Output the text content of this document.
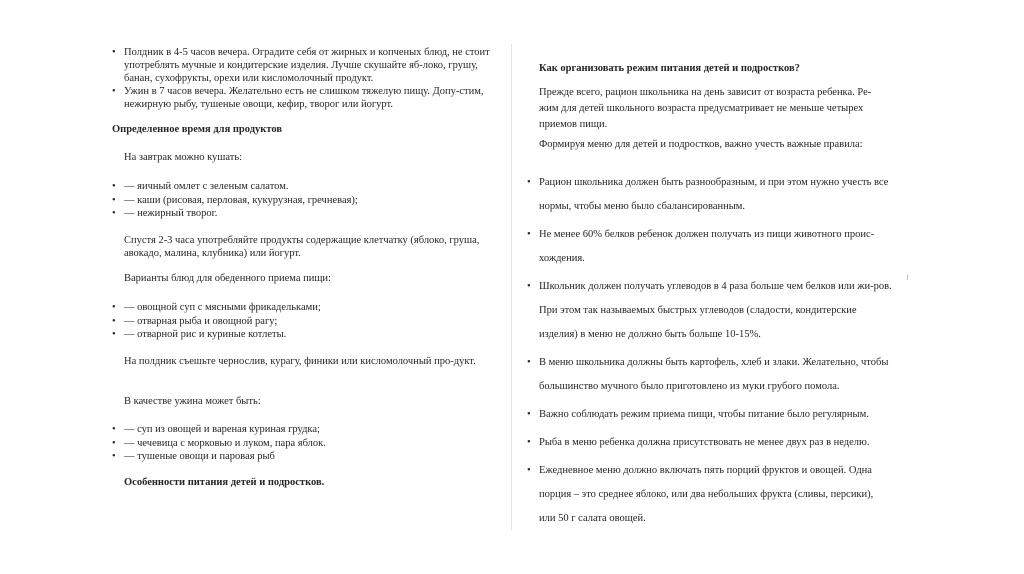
• Полдник в 4-5 часов вечера. Оградите себя от жирных и копченых блюд, не стоит употреблять мучные и кондитерские изделия. Лучше скушайте яб-локо, грушу, банан, сухофрукты, орехи или кисломолочный продукт.
• Ужин в 7 часов вечера. Желательно есть не слишком тяжелую пищу. Допу-стим, нежирную рыбу, тушеные овощи, кефир, творог или йогурт.

Определенное время для продуктов

На завтрак можно кушать:

• — яичный омлет с зеленым салатом.
• — каши (рисовая, перловая, кукурузная, гречневая);
• — нежирный творог.

Спустя 2-3 часа употребляйте продукты содержащие клетчатку (яблоко, груша, авокадо, малина, клубника) или йогурт.

Варианты блюд для обеденного приема пищи:

• — овощной суп с мясными фрикадельками;
• — отварная рыба и овощной рагу;
• — отварной рис и куриные котлеты.

На полдник съешьте чернослив, курагу, финики или кисломолочный про-дукт.

В качестве ужина может быть:

• — суп из овощей и вареная куриная грудка;
• — чечевица с морковью и луком, пара яблок.
• — тушеные овощи и паровая рыб

Особенности питания детей и подростков.

Как организовать режим питания детей и подростков?

Прежде всего, рацион школьника на день зависит от возраста ребенка. Ре-жим для детей школьного возраста предусматривает не меньше четырех приемов пищи.

Формируя меню для детей и подростков, важно учесть важные правила:

• Рацион школьника должен быть разнообразным, и при этом нужно учесть все нормы, чтобы меню было сбалансированным.
• Не менее 60% белков ребенок должен получать из пищи животного проис-хождения.
• Школьник должен получать углеводов в 4 раза больше чем белков или жи-ров. При этом так называемых быстрых углеводов (сладости, кондитерские изделия) в меню не должно быть больше 10-15%.
• В меню школьника должны быть картофель, хлеб и злаки. Желательно, чтобы большинство мучного было приготовлено из муки грубого помола.
• Важно соблюдать режим приема пищи, чтобы питание было регулярным.
• Рыба в меню ребенка должна присутствовать не менее двух раз в неделю.
• Ежедневное меню должно включать пять порций фруктов и овощей. Одна порция – это среднее яблоко, или два небольших фрукта (сливы, персики), или 50 г салата овощей.
